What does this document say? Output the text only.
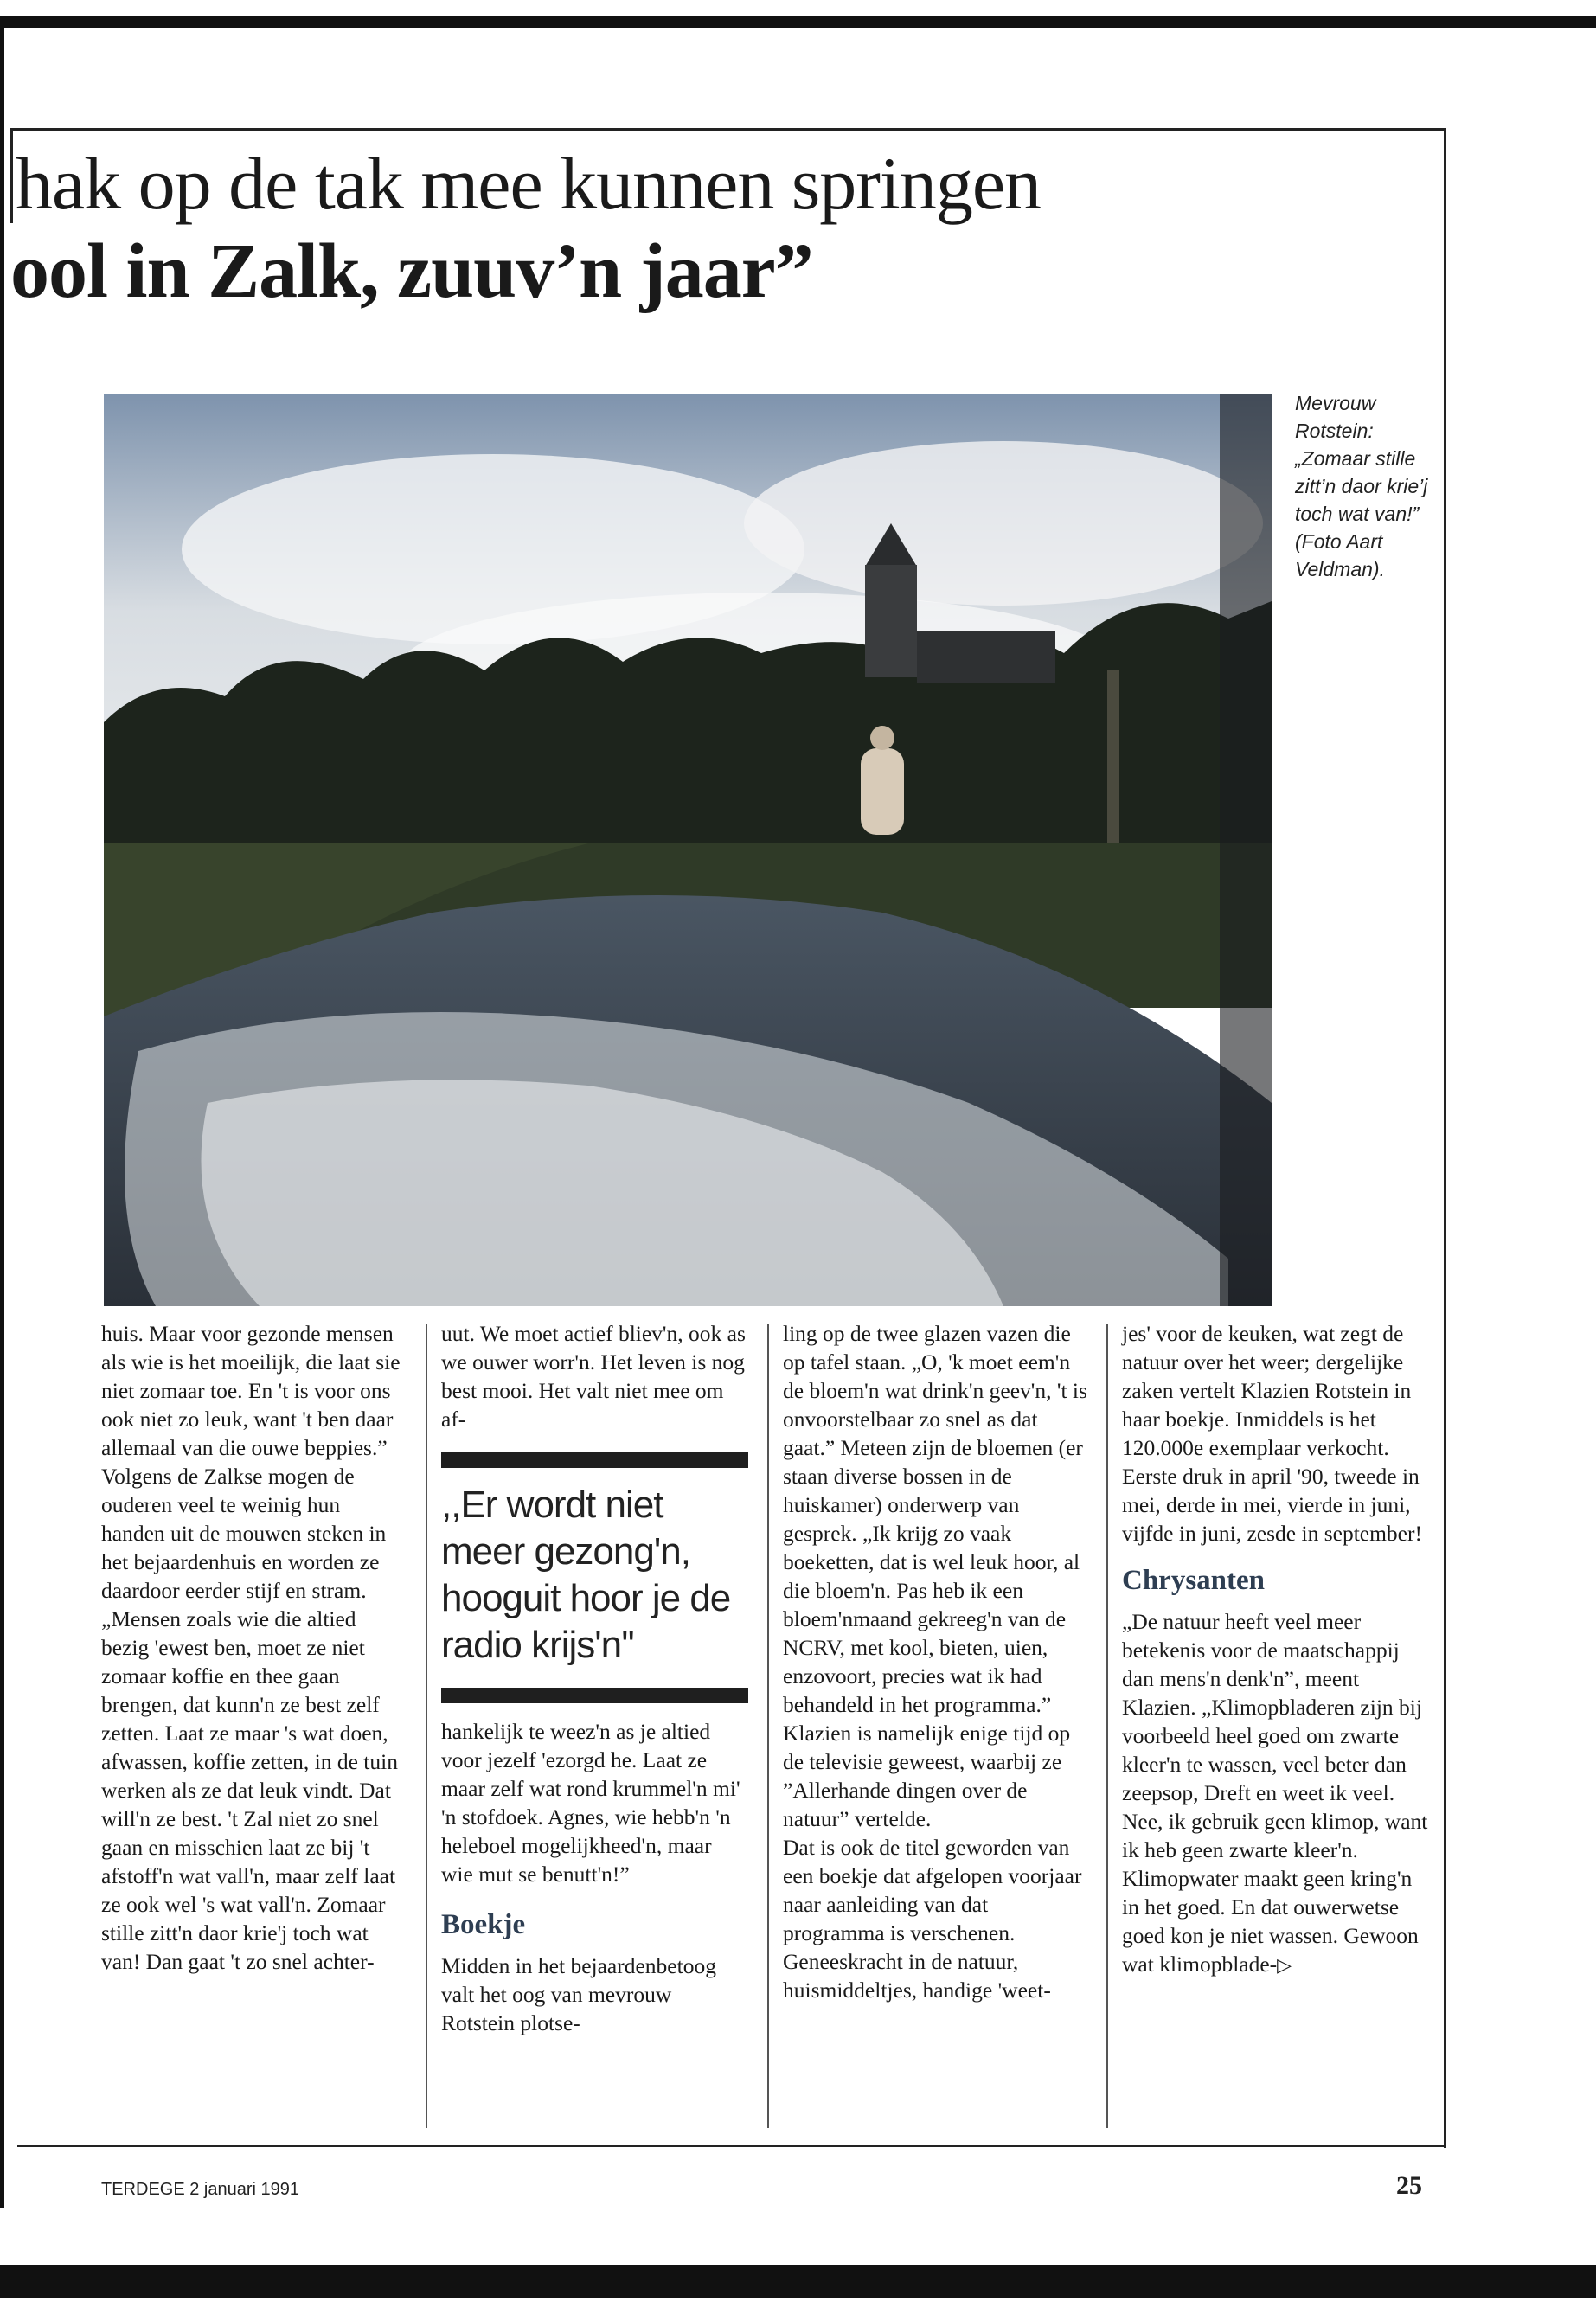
hak op de tak mee kunnen springen
ool in Zalk, zuuv’n jaar”

Mevrouw Rotstein: „Zomaar stille zitt’n daor krie’j toch wat van!” (Foto Aart Veldman).

huis. Maar voor gezonde mensen als wie is het moeilijk, die laat sie niet zomaar toe. En 't is voor ons ook niet zo leuk, want 't ben daar allemaal van die ouwe beppies.” Volgens de Zalkse mogen de ouderen veel te weinig hun handen uit de mouwen steken in het bejaardenhuis en worden ze daardoor eerder stijf en stram.

„Mensen zoals wie die altied bezig 'ewest ben, moet ze niet zomaar koffie en thee gaan brengen, dat kunn'n ze best zelf zetten. Laat ze maar 's wat doen, afwassen, koffie zetten, in de tuin werken als ze dat leuk vindt. Dat will'n ze best. 't Zal niet zo snel gaan en misschien laat ze bij 't afstoff'n wat vall'n, maar zelf laat ze ook wel 's wat vall'n. Zomaar stille zitt'n daor krie'j toch wat van! Dan gaat 't zo snel achter-

uut. We moet actief bliev'n, ook as we ouwer worr'n. Het leven is nog best mooi. Het valt niet mee om af-

,,Er wordt niet meer gezong'n, hooguit hoor je de radio krijs'n''

hankelijk te weez'n as je altied voor jezelf 'ezorgd he. Laat ze maar zelf wat rond krummel'n mi' 'n stofdoek. Agnes, wie hebb'n 'n heleboel mogelijkheed'n, maar wie mut se benutt'n!”

Boekje

Midden in het bejaardenbetoog valt het oog van mevrouw Rotstein plotse-

ling op de twee glazen vazen die op tafel staan. „O, 'k moet eem'n de bloem'n wat drink'n geev'n, 't is onvoorstelbaar zo snel as dat gaat.” Meteen zijn de bloemen (er staan diverse bossen in de huiskamer) onderwerp van gesprek. „Ik krijg zo vaak boeketten, dat is wel leuk hoor, al die bloem'n. Pas heb ik een bloem'nmaand gekreeg'n van de NCRV, met kool, bieten, uien, enzovoort, precies wat ik had behandeld in het programma.” Klazien is namelijk enige tijd op de televisie geweest, waarbij ze ”Allerhande dingen over de natuur” vertelde.

Dat is ook de titel geworden van een boekje dat afgelopen voorjaar naar aanleiding van dat programma is verschenen. Geneeskracht in de natuur, huismiddeltjes, handige 'weet-

jes' voor de keuken, wat zegt de natuur over het weer; dergelijke zaken vertelt Klazien Rotstein in haar boekje. Inmiddels is het 120.000e exemplaar verkocht. Eerste druk in april '90, tweede in mei, derde in mei, vierde in juni, vijfde in juni, zesde in september!

Chrysanten

„De natuur heeft veel meer betekenis voor de maatschappij dan mens'n denk'n”, meent Klazien. „Klimopbladeren zijn bij voorbeeld heel goed om zwarte kleer'n te wassen, veel beter dan zeepsop, Dreft en weet ik veel. Nee, ik gebruik geen klimop, want ik heb geen zwarte kleer'n. Klimopwater maakt geen kring'n in het goed. En dat ouwerwetse goed kon je niet wassen. Gewoon wat klimopblade-▷

TERDEGE 2 januari 1991	25
